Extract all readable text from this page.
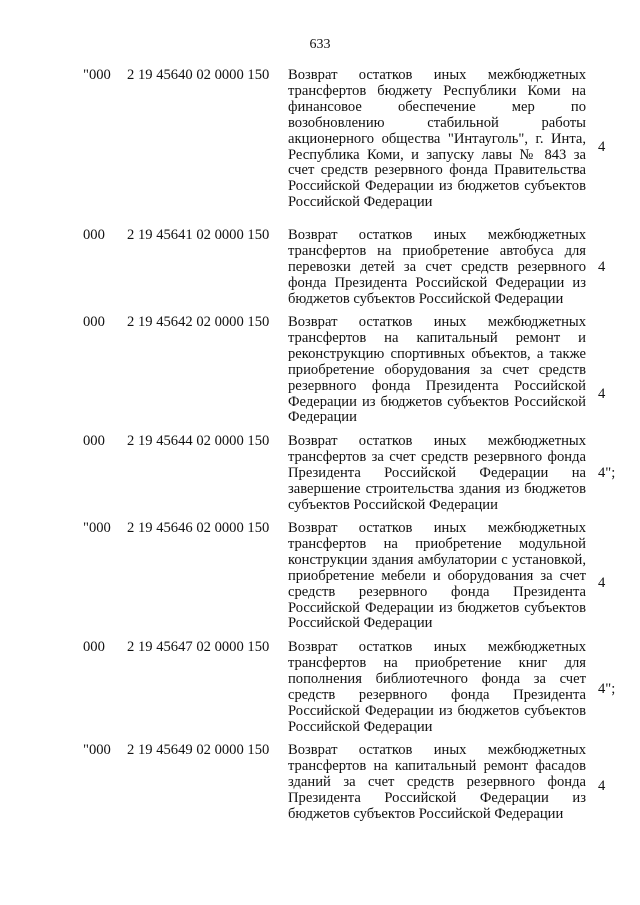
633
"000 2 19 45640 02 0000 150 Возврат остатков иных межбюджетных трансфертов бюджету Республики Коми на финансовое обеспечение мер по возобновлению стабильной работы акционерного общества "Интауголь", г. Инта, Республика Коми, и запуску лавы № 843 за счет средств резервного фонда Правительства Российской Федерации из бюджетов субъектов Российской Федерации
4
000 2 19 45641 02 0000 150 Возврат остатков иных межбюджетных трансфертов на приобретение автобуса для перевозки детей за счет средств резервного фонда Президента Российской Федерации из бюджетов субъектов Российской Федерации
4
000 2 19 45642 02 0000 150 Возврат остатков иных межбюджетных трансфертов на капитальный ремонт и реконструкцию спортивных объектов, а также приобретение оборудования за счет средств резервного фонда Президента Российской Федерации из бюджетов субъектов Российской Федерации
4
000 2 19 45644 02 0000 150 Возврат остатков иных межбюджетных трансфертов за счет средств резервного фонда Президента Российской Федерации на завершение строительства здания из бюджетов субъектов Российской Федерации
4";
"000 2 19 45646 02 0000 150 Возврат остатков иных межбюджетных трансфертов на приобретение модульной конструкции здания амбулатории с установкой, приобретение мебели и оборудования за счет средств резервного фонда Президента Российской Федерации из бюджетов субъектов Российской Федерации
4
000 2 19 45647 02 0000 150 Возврат остатков иных межбюджетных трансфертов на приобретение книг для пополнения библиотечного фонда за счет средств резервного фонда Президента Российской Федерации из бюджетов субъектов Российской Федерации
4";
"000 2 19 45649 02 0000 150 Возврат остатков иных межбюджетных трансфертов на капитальный ремонт фасадов зданий за счет средств резервного фонда Президента Российской Федерации из бюджетов субъектов Российской Федерации
4
